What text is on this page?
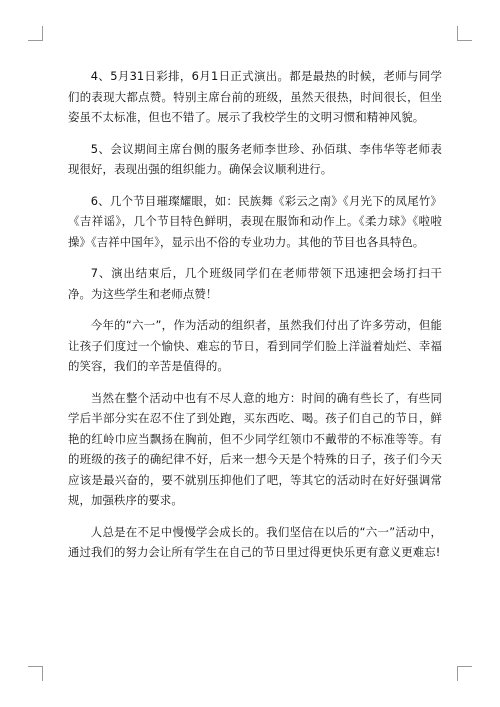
4、5月31日彩排，6月1日正式演出。都是最热的时候，老师与同学们的表现大都点赞。特别主席台前的班级，虽然天很热，时间很长，但坐姿虽不太标准，但也不错了。展示了我校学生的文明习惯和精神风貌。

5、会议期间主席台侧的服务老师李世珍、孙佰琪、李伟华等老师表现很好，表现出强的组织能力。确保会议顺利进行。

6、几个节目璀璨耀眼，如：民族舞《彩云之南》《月光下的凤尾竹》《吉祥谣》，几个节目特色鲜明，表现在服饰和动作上。《柔力球》《啦啦操》《吉祥中国年》，显示出不俗的专业功力。其他的节目也各具特色。

7、演出结束后，几个班级同学们在老师带领下迅速把会场打扫干净。为这些学生和老师点赞！

今年的“六一”，作为活动的组织者，虽然我们付出了许多劳动，但能让孩子们度过一个愉快、难忘的节日，看到同学们脸上洋溢着灿烂、幸福的笑容，我们的辛苦是值得的。

当然在整个活动中也有不尽人意的地方：时间的确有些长了，有些同学后半部分实在忍不住了到处跑，买东西吃、喝。孩子们自己的节日，鲜艳的红岭巾应当飘扬在胸前，但不少同学红领巾不戴带的不标准等等。有的班级的孩子的确纪律不好，后来一想今天是个特殊的日子，孩子们今天应该是最兴奋的，要不就别压抑他们了吧，等其它的活动时在好好强调常规，加强秩序的要求。

人总是在不足中慢慢学会成长的。我们坚信在以后的“六一”活动中，通过我们的努力会让所有学生在自己的节日里过得更快乐更有意义更难忘!
